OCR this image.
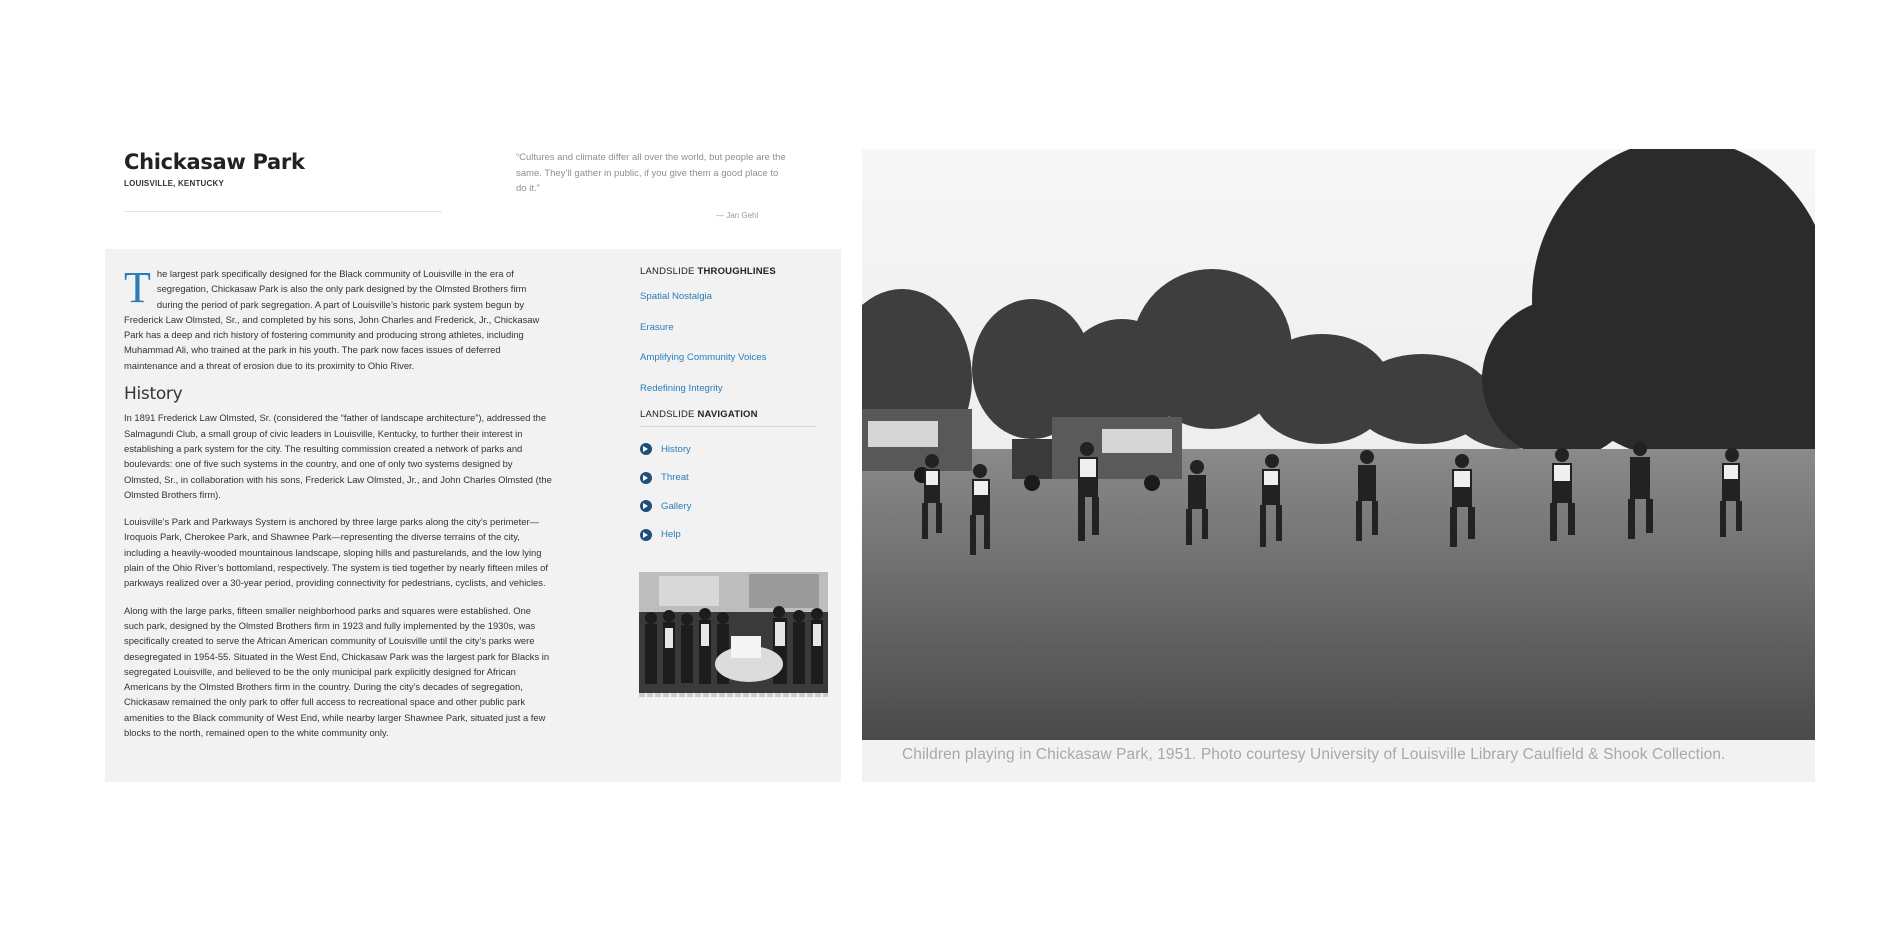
Chickasaw Park
LOUISVILLE, KENTUCKY
“Cultures and climate differ all over the world, but people are the same. They’ll gather in public, if you give them a good place to do it.”
— Jan Gehl

The largest park specifically designed for the Black community of Louisville in the era of segregation, Chickasaw Park is also the only park designed by the Olmsted Brothers firm during the period of park segregation. A part of Louisville’s historic park system begun by Frederick Law Olmsted, Sr., and completed by his sons, John Charles and Frederick, Jr., Chickasaw Park has a deep and rich history of fostering community and producing strong athletes, including Muhammad Ali, who trained at the park in his youth. The park now faces issues of deferred maintenance and a threat of erosion due to its proximity to Ohio River.

History

In 1891 Frederick Law Olmsted, Sr. (considered the “father of landscape architecture”), addressed the Salmagundi Club, a small group of civic leaders in Louisville, Kentucky, to further their interest in establishing a park system for the city. The resulting commission created a network of parks and boulevards: one of five such systems in the country, and one of only two systems designed by Olmsted, Sr., in collaboration with his sons, Frederick Law Olmsted, Jr., and John Charles Olmsted (the Olmsted Brothers firm).

Louisville’s Park and Parkways System is anchored by three large parks along the city’s perimeter—Iroquois Park, Cherokee Park, and Shawnee Park—representing the diverse terrains of the city, including a heavily-wooded mountainous landscape, sloping hills and pasturelands, and the low lying plain of the Ohio River’s bottomland, respectively. The system is tied together by nearly fifteen miles of parkways realized over a 30-year period, providing connectivity for pedestrians, cyclists, and vehicles.

Along with the large parks, fifteen smaller neighborhood parks and squares were established. One such park, designed by the Olmsted Brothers firm in 1923 and fully implemented by the 1930s, was specifically created to serve the African American community of Louisville until the city’s parks were desegregated in 1954-55. Situated in the West End, Chickasaw Park was the largest park for Blacks in segregated Louisville, and believed to be the only municipal park explicitly designed for African Americans by the Olmsted Brothers firm in the country. During the city’s decades of segregation, Chickasaw remained the only park to offer full access to recreational space and other public park amenities to the Black community of West End, while nearby larger Shawnee Park, situated just a few blocks to the north, remained open to the white community only.

LANDSLIDE THROUGHLINES
Spatial Nostalgia
Erasure
Amplifying Community Voices
Redefining Integrity
LANDSLIDE NAVIGATION
History
Threat
Gallery
Help
Children playing in Chickasaw Park, 1951. Photo courtesy University of Louisville Library Caulfield & Shook Collection.
